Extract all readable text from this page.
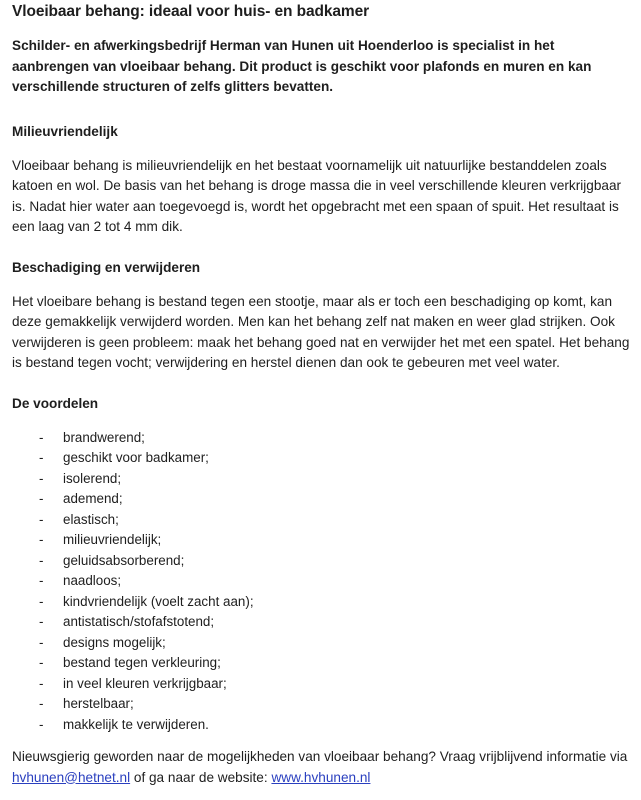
Vloeibaar behang: ideaal voor huis- en badkamer

Schilder- en afwerkingsbedrijf Herman van Hunen uit Hoenderloo is specialist in het aanbrengen van vloeibaar behang. Dit product is geschikt voor plafonds en muren en kan verschillende structuren of zelfs glitters bevatten.

Milieuvriendelijk

Vloeibaar behang is milieuvriendelijk en het bestaat voornamelijk uit natuurlijke bestanddelen zoals katoen en wol. De basis van het behang is droge massa die in veel verschillende kleuren verkrijgbaar is. Nadat hier water aan toegevoegd is, wordt het opgebracht met een spaan of spuit. Het resultaat is een laag van 2 tot 4 mm dik.

Beschadiging en verwijderen

Het vloeibare behang is bestand tegen een stootje, maar als er toch een beschadiging op komt, kan deze gemakkelijk verwijderd worden. Men kan het behang zelf nat maken en weer glad strijken. Ook verwijderen is geen probleem: maak het behang goed nat en verwijder het met een spatel. Het behang is bestand tegen vocht; verwijdering en herstel dienen dan ook te gebeuren met veel water.

De voordelen
- brandwerend;
- geschikt voor badkamer;
- isolerend;
- ademend;
- elastisch;
- milieuvriendelijk;
- geluidsabsorberend;
- naadloos;
- kindvriendelijk (voelt zacht aan);
- antistatisch/stofafstotend;
- designs mogelijk;
- bestand tegen verkleuring;
- in veel kleuren verkrijgbaar;
- herstelbaar;
- makkelijk te verwijderen.

Nieuwsgierig geworden naar de mogelijkheden van vloeibaar behang? Vraag vrijblijvend informatie via hvhunen@hetnet.nl of ga naar de website: www.hvhunen.nl
